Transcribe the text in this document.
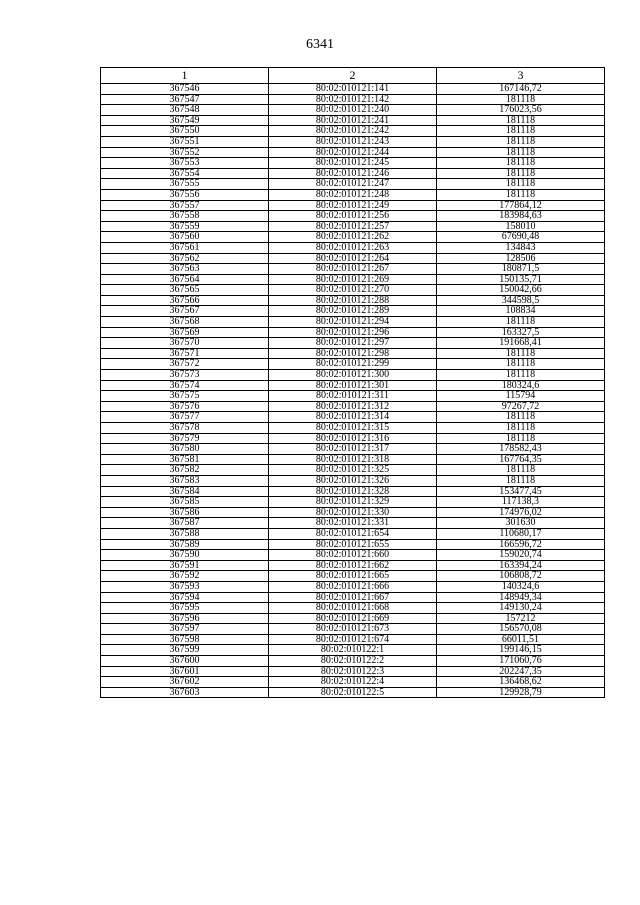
6341
1	2	3
367546	80:02:010121:141	167146,72
367547	80:02:010121:142	181118
367548	80:02:010121:240	176023,56
367549	80:02:010121:241	181118
367550	80:02:010121:242	181118
367551	80:02:010121:243	181118
367552	80:02:010121:244	181118
367553	80:02:010121:245	181118
367554	80:02:010121:246	181118
367555	80:02:010121:247	181118
367556	80:02:010121:248	181118
367557	80:02:010121:249	177864,12
367558	80:02:010121:256	183984,63
367559	80:02:010121:257	158010
367560	80:02:010121:262	67690,48
367561	80:02:010121:263	134843
367562	80:02:010121:264	128506
367563	80:02:010121:267	180871,5
367564	80:02:010121:269	150135,71
367565	80:02:010121:270	150042,66
367566	80:02:010121:288	344598,5
367567	80:02:010121:289	108834
367568	80:02:010121:294	181118
367569	80:02:010121:296	163327,5
367570	80:02:010121:297	191668,41
367571	80:02:010121:298	181118
367572	80:02:010121:299	181118
367573	80:02:010121:300	181118
367574	80:02:010121:301	180324,6
367575	80:02:010121:311	115794
367576	80:02:010121:312	97267,72
367577	80:02:010121:314	181118
367578	80:02:010121:315	181118
367579	80:02:010121:316	181118
367580	80:02:010121:317	178582,43
367581	80:02:010121:318	167764,35
367582	80:02:010121:325	181118
367583	80:02:010121:326	181118
367584	80:02:010121:328	153477,45
367585	80:02:010121:329	117138,3
367586	80:02:010121:330	174976,02
367587	80:02:010121:331	301630
367588	80:02:010121:654	110680,17
367589	80:02:010121:655	166596,72
367590	80:02:010121:660	159020,74
367591	80:02:010121:662	163394,24
367592	80:02:010121:665	106808,72
367593	80:02:010121:666	140324,6
367594	80:02:010121:667	148949,34
367595	80:02:010121:668	149130,24
367596	80:02:010121:669	157212
367597	80:02:010121:673	156570,08
367598	80:02:010121:674	66011,51
367599	80:02:010122:1	199146,15
367600	80:02:010122:2	171060,76
367601	80:02:010122:3	202247,35
367602	80:02:010122:4	136468,62
367603	80:02:010122:5	129928,79
